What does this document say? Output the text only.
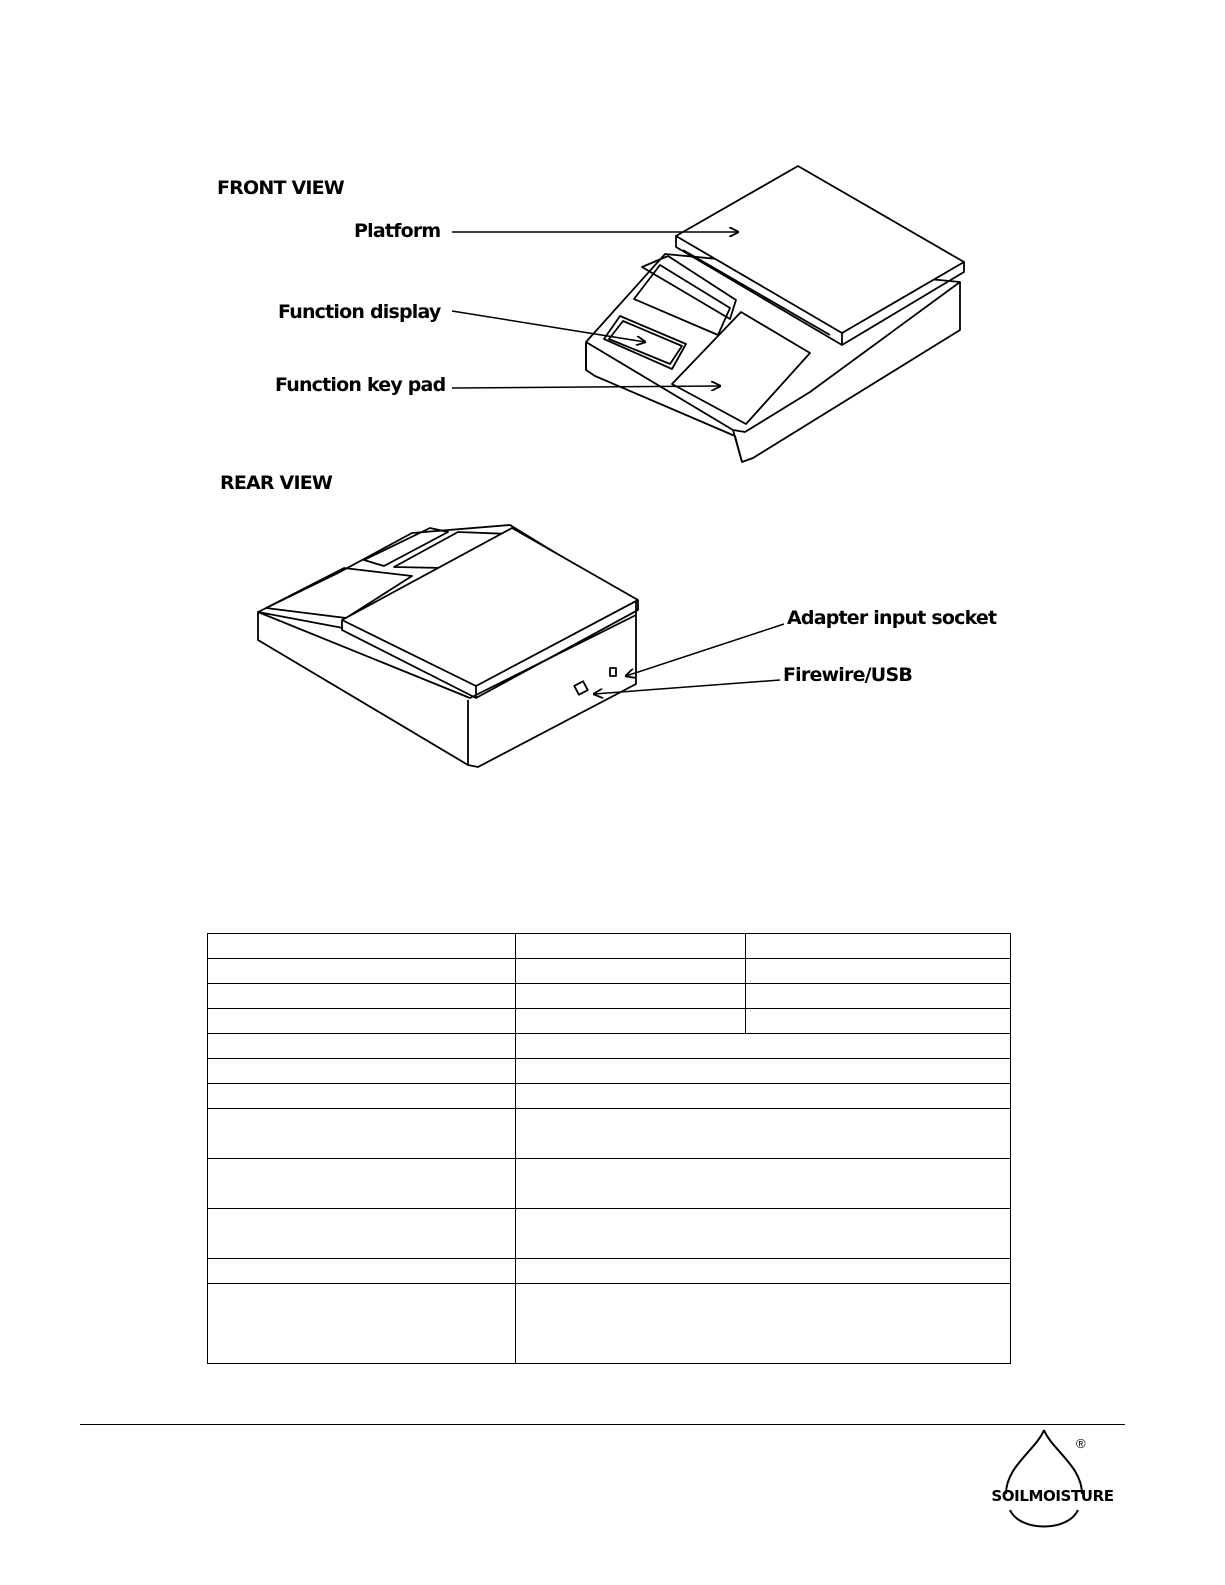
FRONT VIEW
REAR VIEW
Platform
Function display
Function key pad
Adapter input socket
Firewire/USB

®
SOILMOISTURE
